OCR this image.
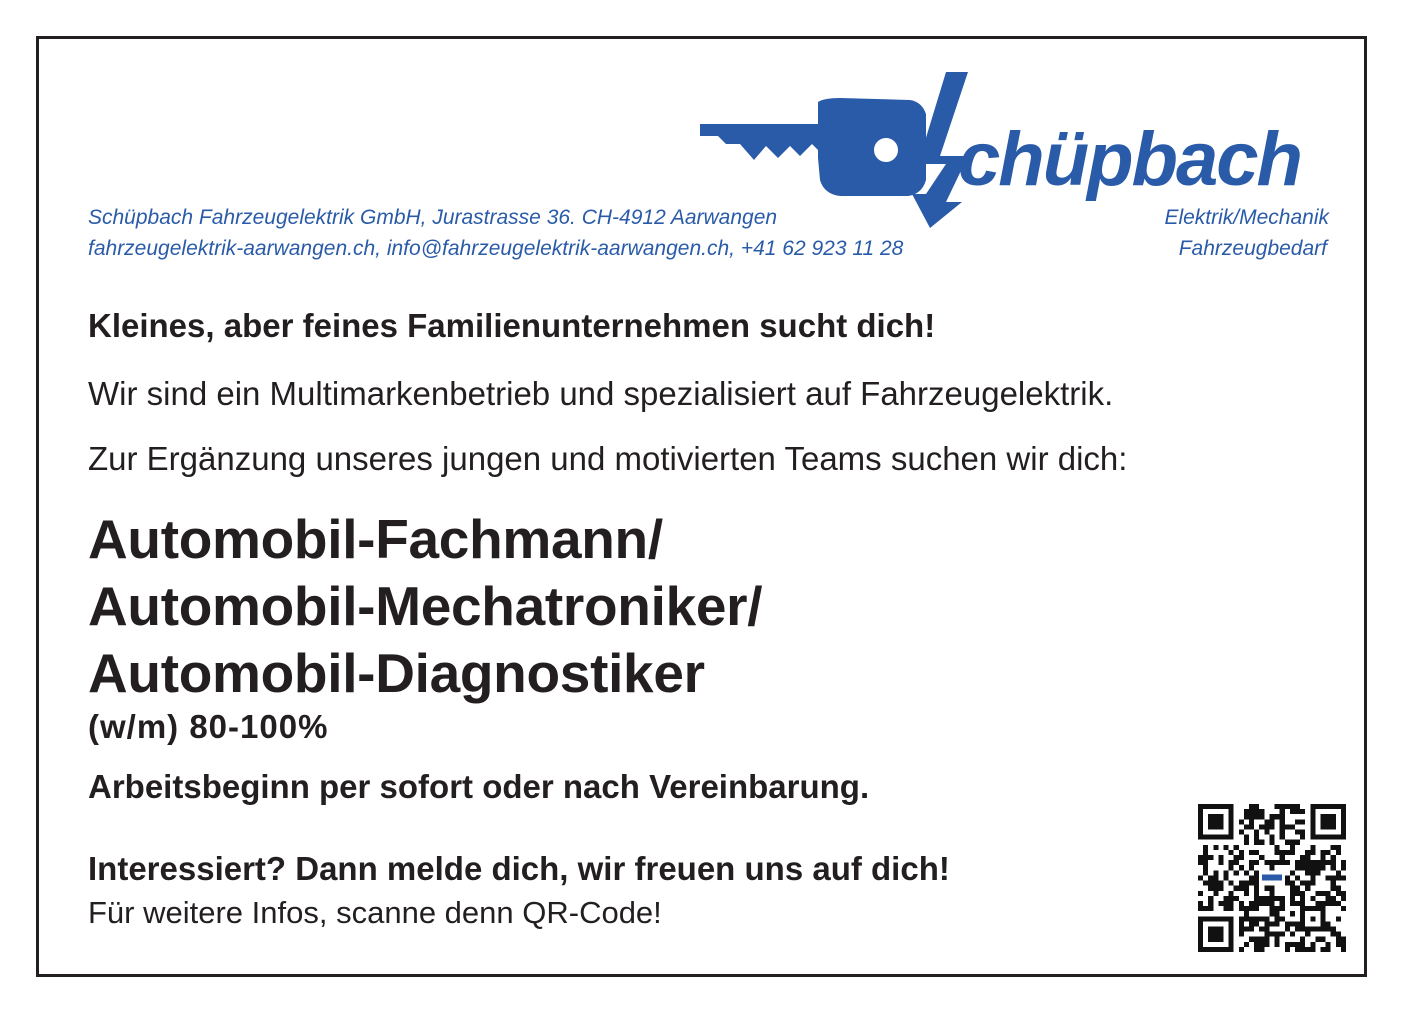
chüpbach
Schüpbach Fahrzeugelektrik GmbH, Jurastrasse 36. CH-4912 Aarwangen
fahrzeugelektrik-aarwangen.ch, info@fahrzeugelektrik-aarwangen.ch, +41 62 923 11 28
Elektrik/Mechanik
Fahrzeugbedarf
Kleines, aber feines Familienunternehmen sucht dich!
Wir sind ein Multimarkenbetrieb und spezialisiert auf Fahrzeugelektrik.
Zur Ergänzung unseres jungen und motivierten Teams suchen wir dich:
Automobil-Fachmann/
Automobil-Mechatroniker/
Automobil-Diagnostiker
(w/m) 80-100%
Arbeitsbeginn per sofort oder nach Vereinbarung.
Interessiert? Dann melde dich, wir freuen uns auf dich!
Für weitere Infos, scanne denn QR-Code!
